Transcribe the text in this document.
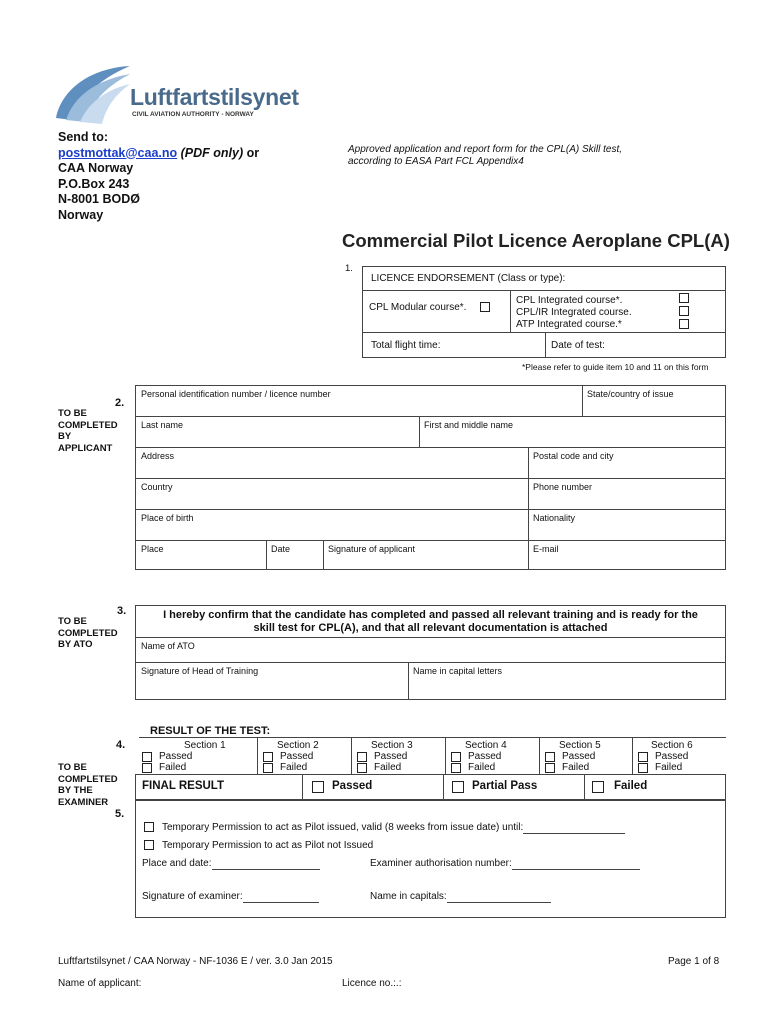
Luftfartstilsynet
CIVIL AVIATION AUTHORITY - NORWAY
Send to:
postmottak@caa.no (PDF only) or
CAA Norway
P.O.Box 243
N-8001 BODØ
Norway
Approved application and report form for the CPL(A) Skill test,
according to EASA Part FCL Appendix4
Commercial Pilot Licence Aeroplane CPL(A)
1.
LICENCE ENDORSEMENT (Class or type):
CPL Modular course*.
CPL Integrated course*.
CPL/IR Integrated course.
ATP Integrated course.*
Total flight time:	Date of test:
*Please refer to guide item 10 and 11 on this form
2.
TO BE
COMPLETED
BY
APPLICANT
Personal identification number / licence number	State/country of issue
Last name	First and middle name
Address	Postal code and city
Country	Phone number
Place of birth	Nationality
Place	Date	Signature of applicant	E-mail
3.
TO BE
COMPLETED
BY ATO
I hereby confirm that the candidate has completed and passed all relevant training and is ready for the
skill test for CPL(A), and that all relevant documentation is attached
Name of ATO
Signature of Head of Training	Name in capital letters
RESULT OF THE TEST:
4.
TO BE
COMPLETED
BY THE
EXAMINER
Section 1
Passed
Failed
Section 2
Passed
Failed
Section 3
Passed
Failed
Section 4
Passed
Failed
Section 5
Passed
Failed
Section 6
Passed
Failed
FINAL RESULT	Passed	Partial Pass	Failed
5.
Temporary Permission to act as Pilot issued, valid (8 weeks from issue date) until:
Temporary Permission to act as Pilot not Issued
Place and date:	Examiner authorisation number:
Signature of examiner:	Name in capitals:
Luftfartstilsynet / CAA Norway - NF-1036 E / ver. 3.0 Jan 2015	Page 1 of 8
Name of applicant:	Licence no.:.:
